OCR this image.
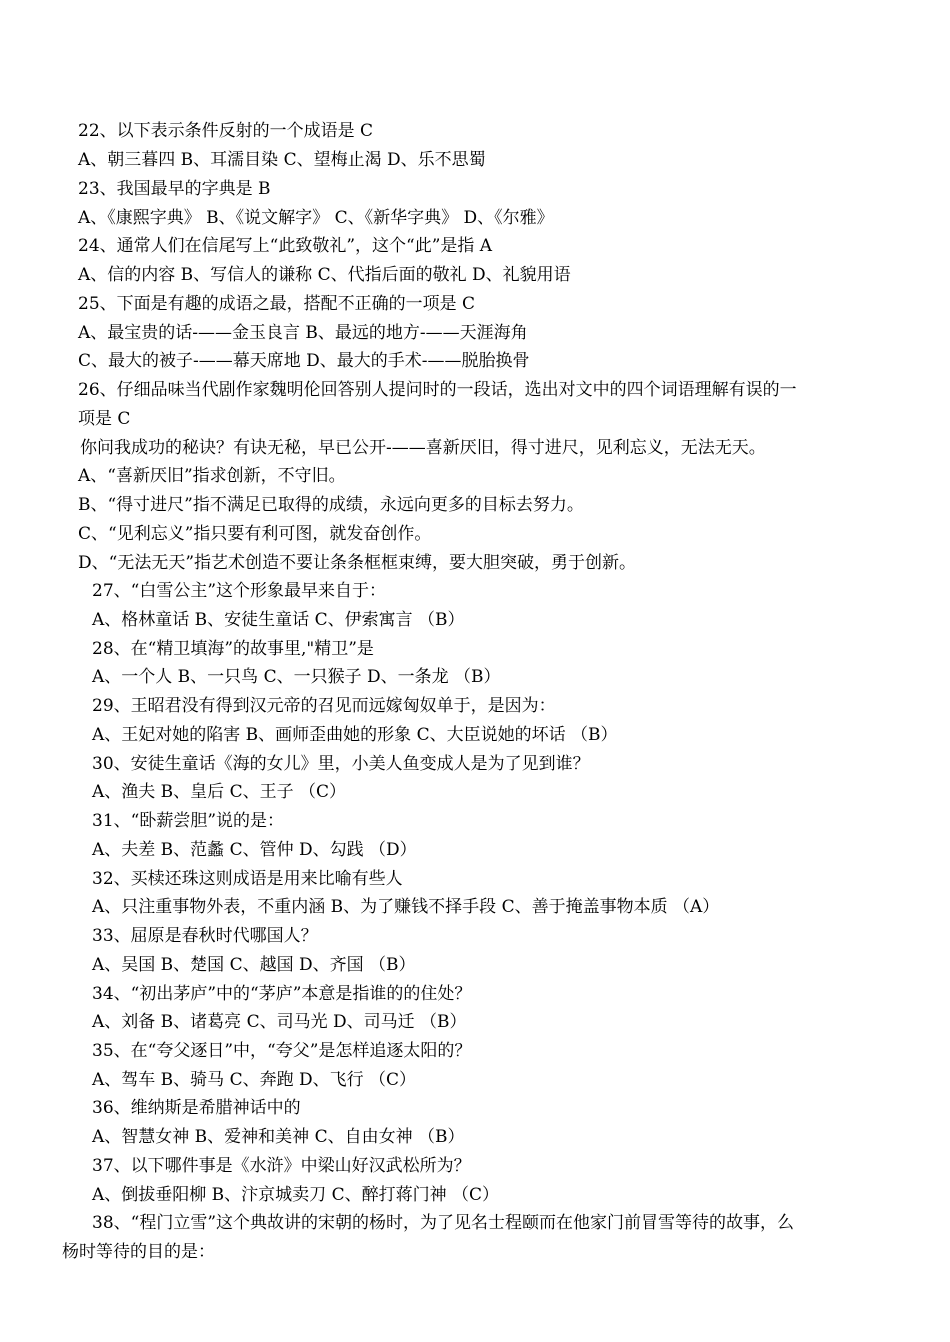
22、以下表示条件反射的一个成语是 C
A、朝三暮四 B、耳濡目染 C、望梅止渴 D、乐不思蜀
23、我国最早的字典是 B
A、《康熙字典》 B、《说文解字》 C、《新华字典》 D、《尔雅》
24、通常人们在信尾写上“此致敬礼”，这个“此”是指 A
A、信的内容 B、写信人的谦称 C、代指后面的敬礼 D、礼貌用语
25、下面是有趣的成语之最，搭配不正确的一项是 C
A、最宝贵的话-——金玉良言 B、最远的地方-——天涯海角
C、最大的被子-——幕天席地 D、最大的手术-——脱胎换骨
26、仔细品味当代剧作家魏明伦回答别人提问时的一段话，选出对文中的四个词语理解有误的一
项是 C
你问我成功的秘诀？有诀无秘，早已公开-——喜新厌旧，得寸进尺，见利忘义，无法无天。
A、“喜新厌旧”指求创新，不守旧。
B、“得寸进尺”指不满足已取得的成绩，永远向更多的目标去努力。
C、“见利忘义”指只要有利可图，就发奋创作。
D、“无法无天”指艺术创造不要让条条框框束缚，要大胆突破，勇于创新。
27、“白雪公主”这个形象最早来自于：
A、格林童话 B、安徒生童话 C、伊索寓言 （B）
28、在“精卫填海”的故事里,"精卫”是
A、一个人 B、一只鸟 C、一只猴子 D、一条龙 （B）
29、王昭君没有得到汉元帝的召见而远嫁匈奴单于，是因为：
A、王妃对她的陷害 B、画师歪曲她的形象 C、大臣说她的坏话 （B）
30、安徒生童话《海的女儿》里，小美人鱼变成人是为了见到谁？
A、渔夫 B、皇后 C、王子 （C）
31、“卧薪尝胆”说的是：
A、夫差 B、范蠡 C、管仲 D、勾践 （D）
32、买椟还珠这则成语是用来比喻有些人
A、只注重事物外表，不重内涵 B、为了赚钱不择手段 C、善于掩盖事物本质 （A）
33、屈原是春秋时代哪国人？
A、吴国 B、楚国 C、越国 D、齐国 （B）
34、“初出茅庐”中的“茅庐”本意是指谁的的住处？
A、刘备 B、诸葛亮 C、司马光 D、司马迁 （B）
35、在“夸父逐日”中，“夸父”是怎样追逐太阳的？
A、驾车 B、骑马 C、奔跑 D、飞行 （C）
36、维纳斯是希腊神话中的
A、智慧女神 B、爱神和美神 C、自由女神 （B）
37、以下哪件事是《水浒》中梁山好汉武松所为？
A、倒拔垂阳柳 B、汴京城卖刀 C、醉打蒋门神 （C）
38、“程门立雪”这个典故讲的宋朝的杨时，为了见名士程颐而在他家门前冒雪等待的故事，么
杨时等待的目的是：
